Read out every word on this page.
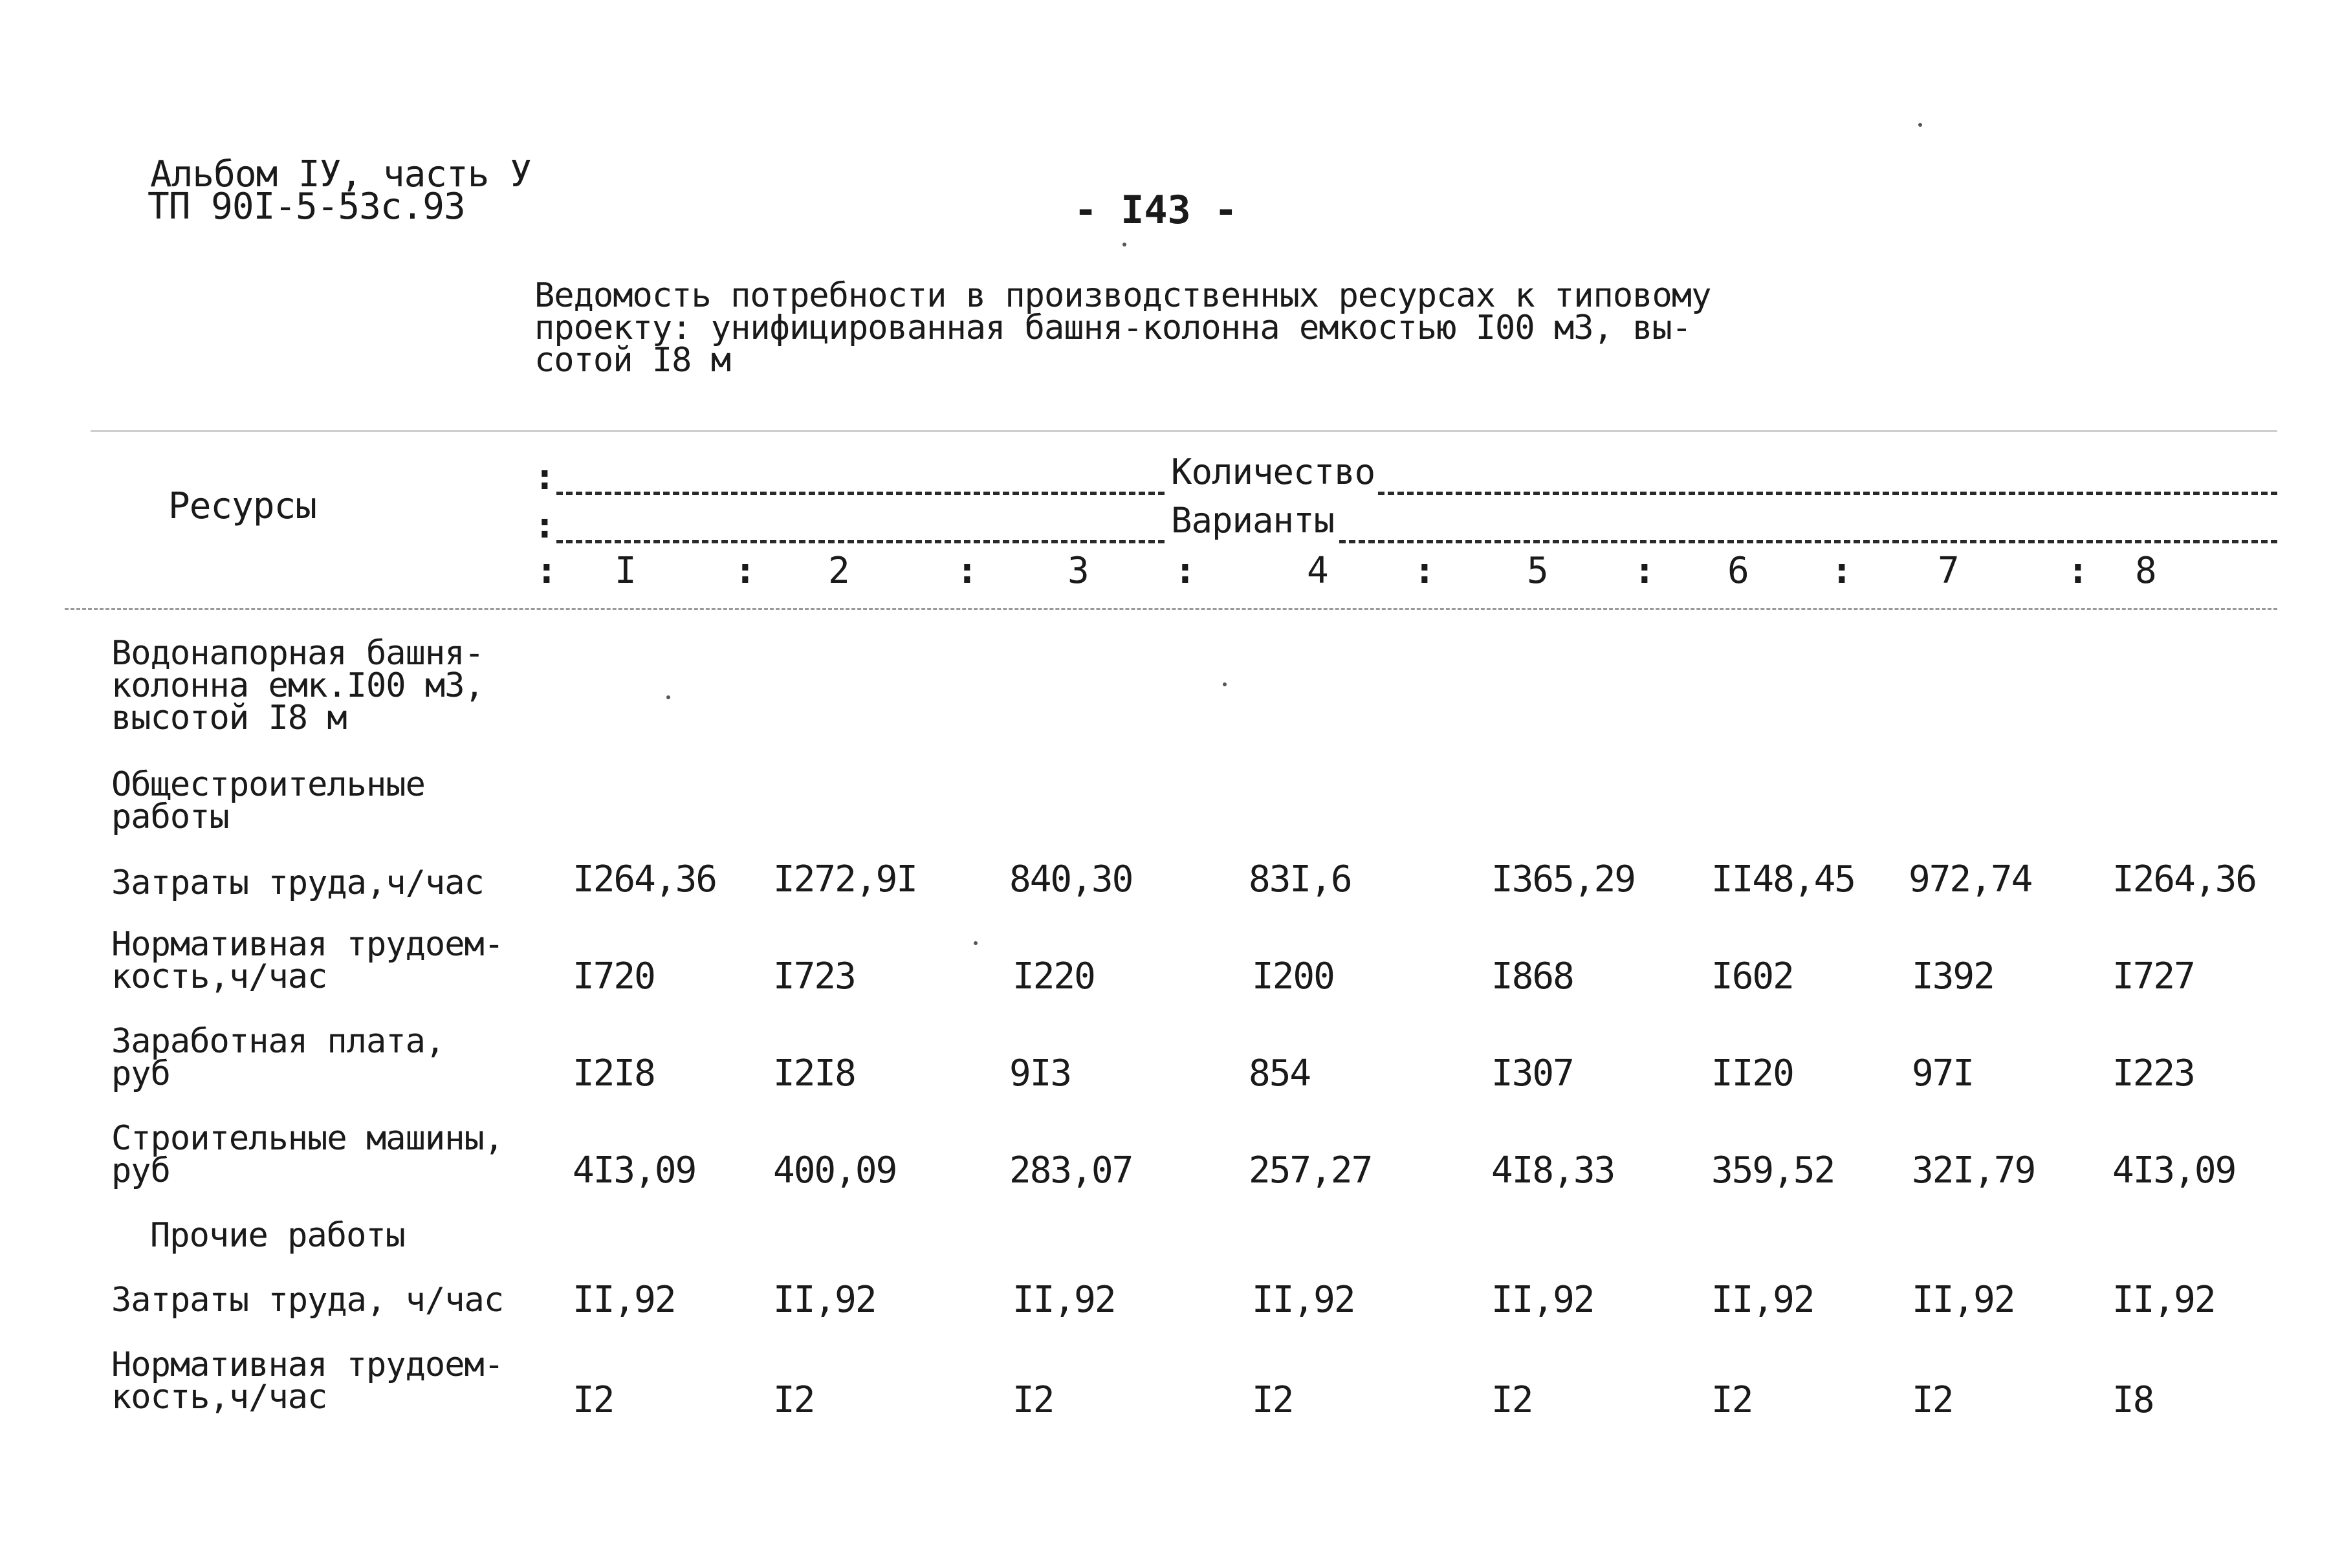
Альбом IУ, часть У
ТП 90I-5-53с.93	- I43 -
Ведомость потребности в производственных ресурсах к типовому
проекту: унифицированная башня-колонна емкостью I00 м3, вы-
сотой I8 м
Ресурсы
:	Количество
:	Варианты
: I	: 2	: 3 :	4 :	5 : 6 : 7	: 8
Водонапорная башня-
колонна емк.I00 м3,
высотой I8 м
Общестроительные
работы
Затраты труда,ч/час I264,36 I272,9I	840,30	83I,6	I365,29 II48,45 972,74 I264,36
Нормативная трудоем-
кость,ч/час	I720	I723	I220	I200	I868	I602	I392	I727
Заработная плата,
руб	I2I8	I2I8	9I3	854	I307	II20	97I	I223
Строительные машины,
руб	4I3,09 400,09	283,07	257,27	4I8,33	359,52 32I,79 4I3,09
Прочие работы
Затраты труда, ч/час II,92	II,92	II,92	II,92	II,92	II,92	II,92	II,92
Нормативная трудоем-
кость,ч/час	I2	I2	I2	I2	I2	I2	I2	I8
